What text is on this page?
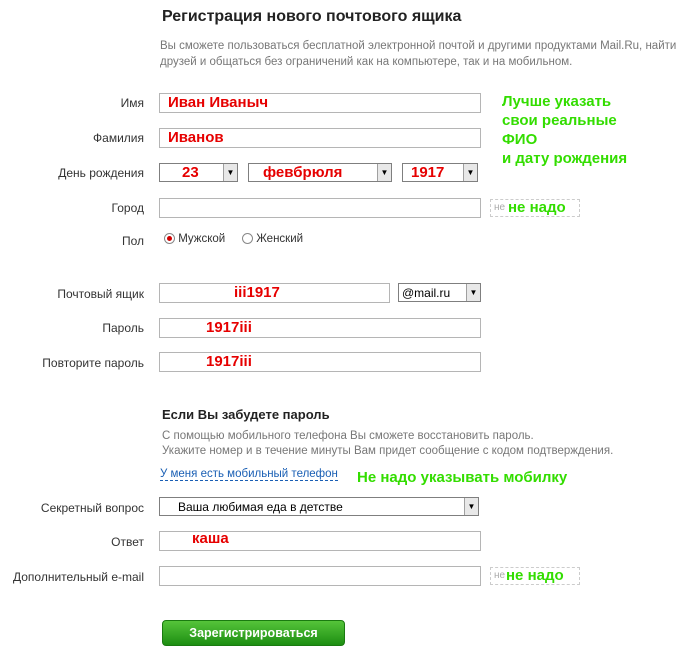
Регистрация нового почтового ящика
Вы сможете пользоваться бесплатной электронной почтой и другими продуктами Mail.Ru, найти друзей и общаться без ограничений как на компьютере, так и на мобильном.
Имя Иван Иваныч
Фамилия Иванов
Лучше указать
свои реальные
ФИО
и дату рождения
День рождения	23	▼ февбрюля	▼ 1917	▼
Город	не не надо
Пол	Мужской	Женский
Почтовый ящик	iii1917	@mail.ru	▼
Пароль	1917iii
Повторите пароль	1917iii
Если Вы забудете пароль
С помощью мобильного телефона Вы сможете восстановить пароль.
Укажите номер и в течение минуты Вам придет сообщение с кодом подтверждения.
У меня есть мобильный телефон Не надо указывать мобилку
Секретный вопрос	Ваша любимая еда в детстве	▼
Ответ	каша
Дополнительный e-mail	не не надо
Зарегистрироваться
